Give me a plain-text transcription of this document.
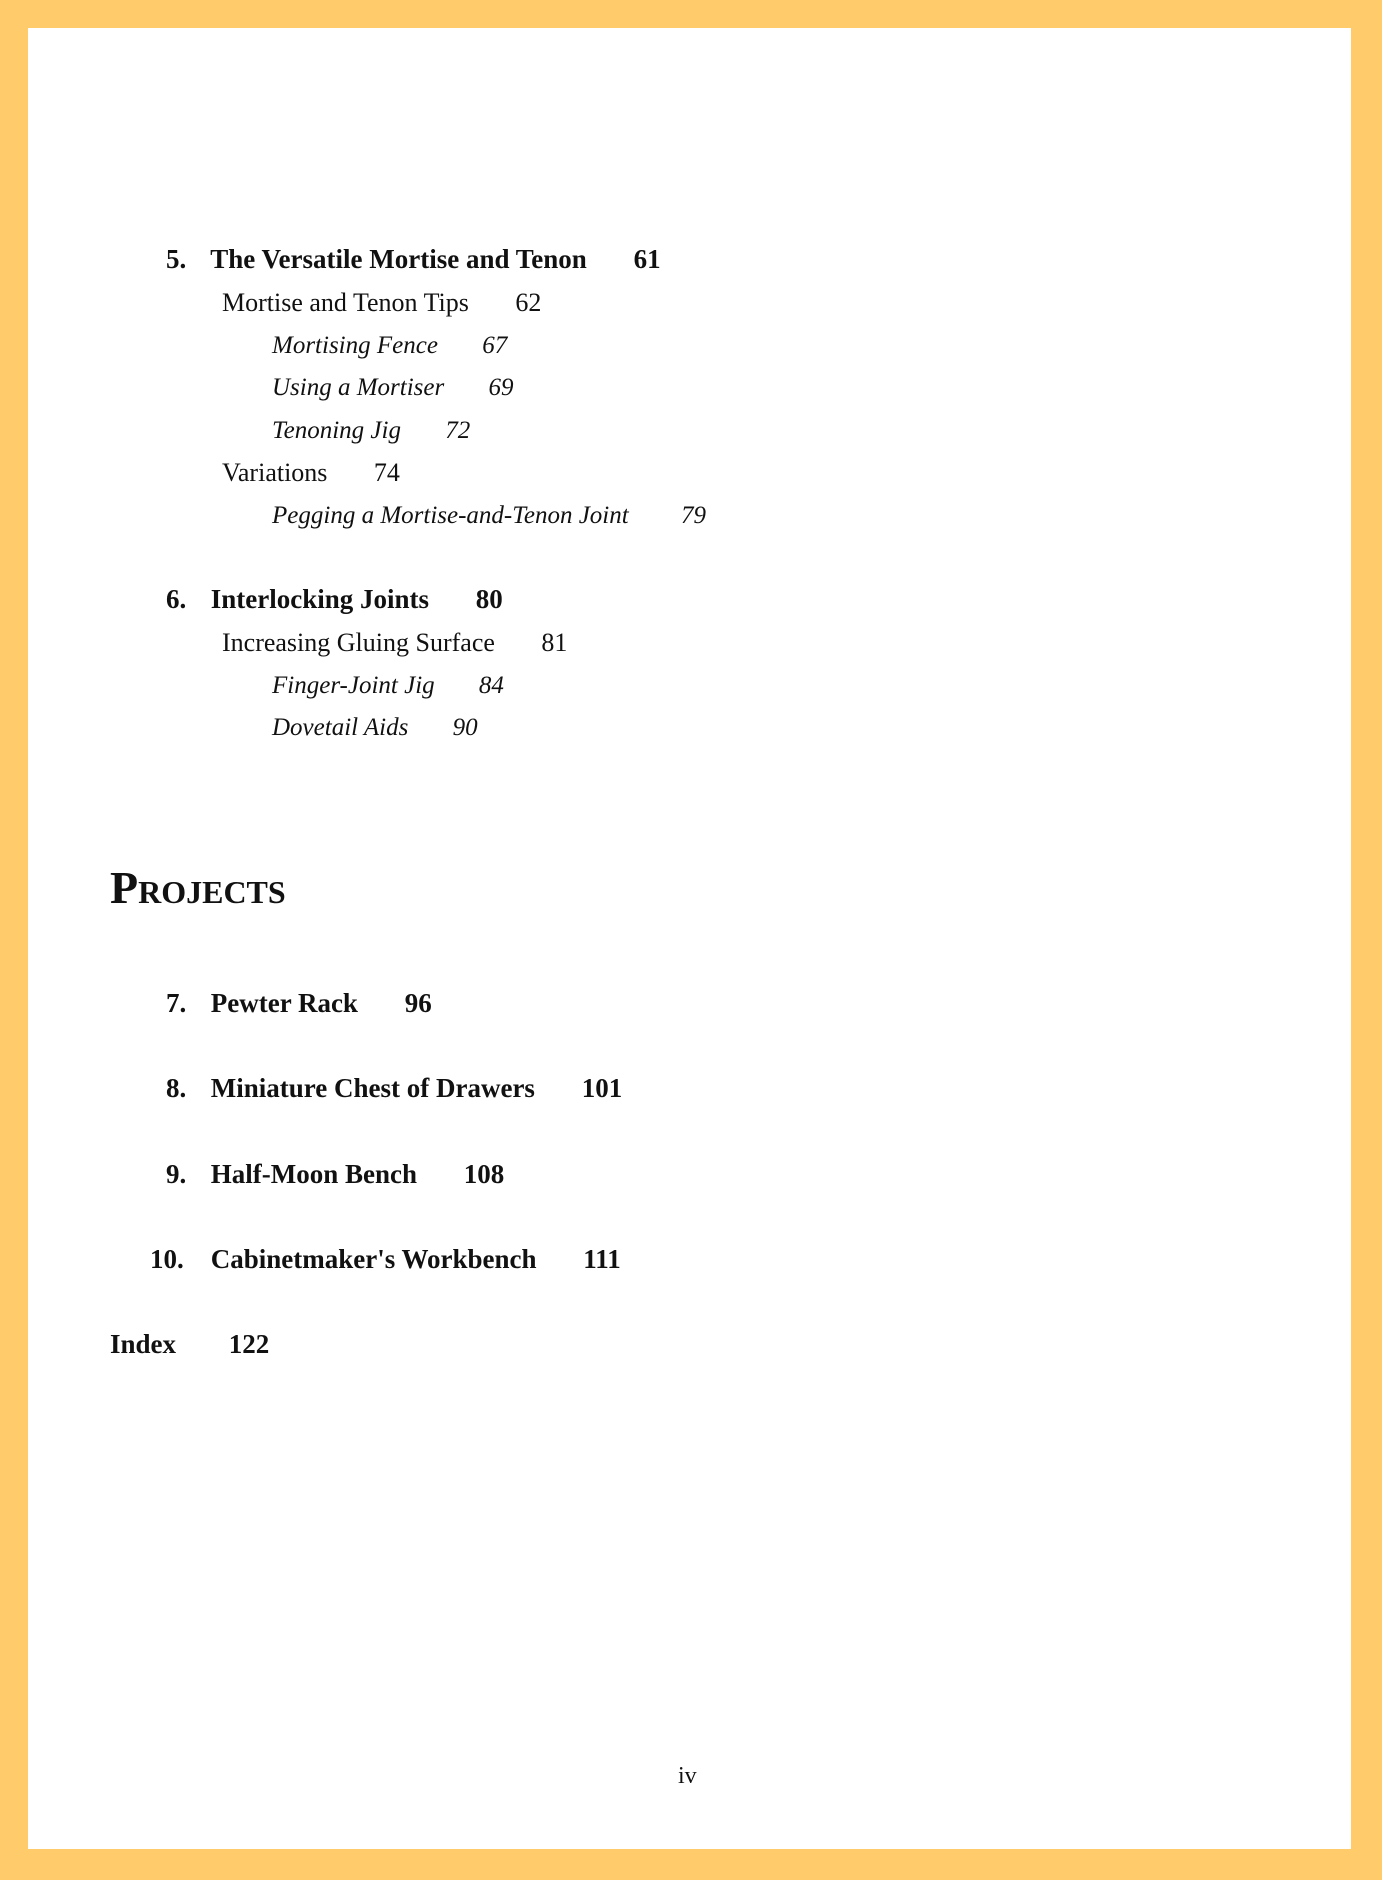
5. The Versatile Mortise and Tenon 61
Mortise and Tenon Tips 62
Mortising Fence 67
Using a Mortiser 69
Tenoning Jig 72
Variations 74
Pegging a Mortise-and-Tenon Joint 79
6. Interlocking Joints 80
Increasing Gluing Surface 81
Finger-Joint Jig 84
Dovetail Aids 90
Projects
7. Pewter Rack 96
8. Miniature Chest of Drawers 101
9. Half-Moon Bench 108
10. Cabinetmaker's Workbench 111
Index 122
iv
